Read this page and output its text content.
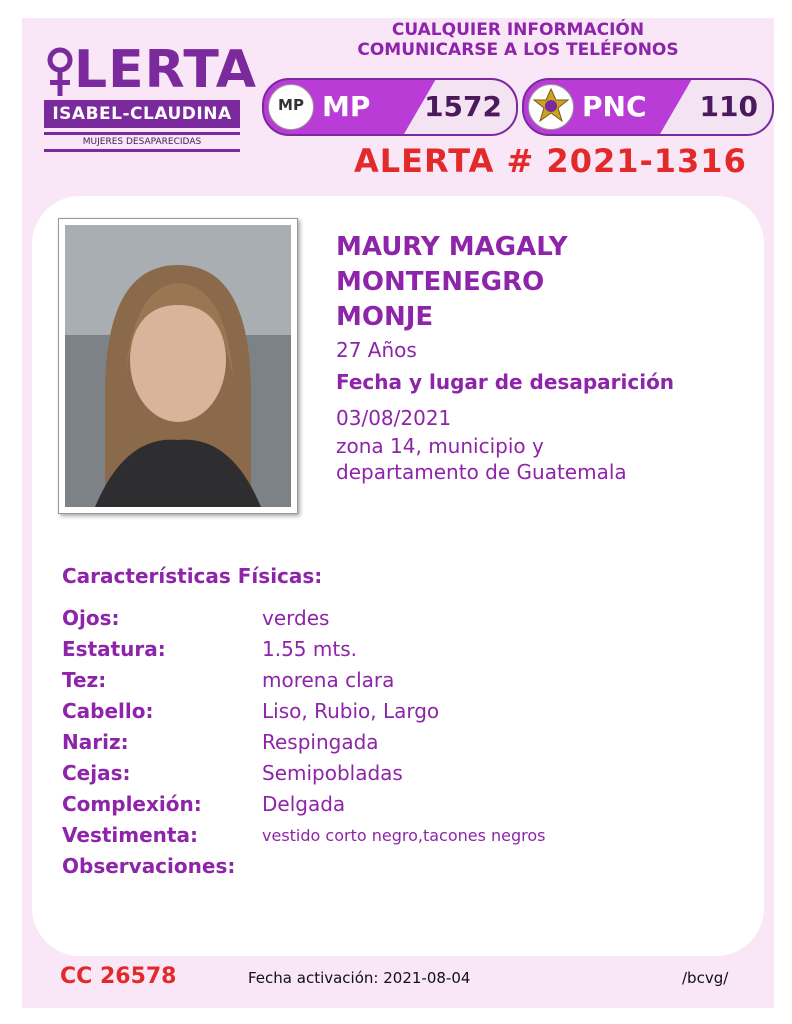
LERTA
ISABEL-CLAUDINA
MUJERES DESAPARECIDAS
CUALQUIER INFORMACIÓN
COMUNICARSE A LOS TELÉFONOS
MP MP 1572	PNC 110
ALERTA # 2021-1316
MAURY MAGALY
MONTENEGRO
MONJE
27 Años
Fecha y lugar de desaparición
03/08/2021
zona 14, municipio y
departamento de Guatemala
Características Físicas:
Ojos:	verdes
Estatura:	1.55 mts.
Tez:	morena clara
Cabello:	Liso, Rubio, Largo
Nariz:	Respingada
Cejas:	Semipobladas
Complexión:	Delgada
Vestimenta:	vestido corto negro,tacones negros
Observaciones:
CC 26578	Fecha activación: 2021-08-04	/bcvg/
